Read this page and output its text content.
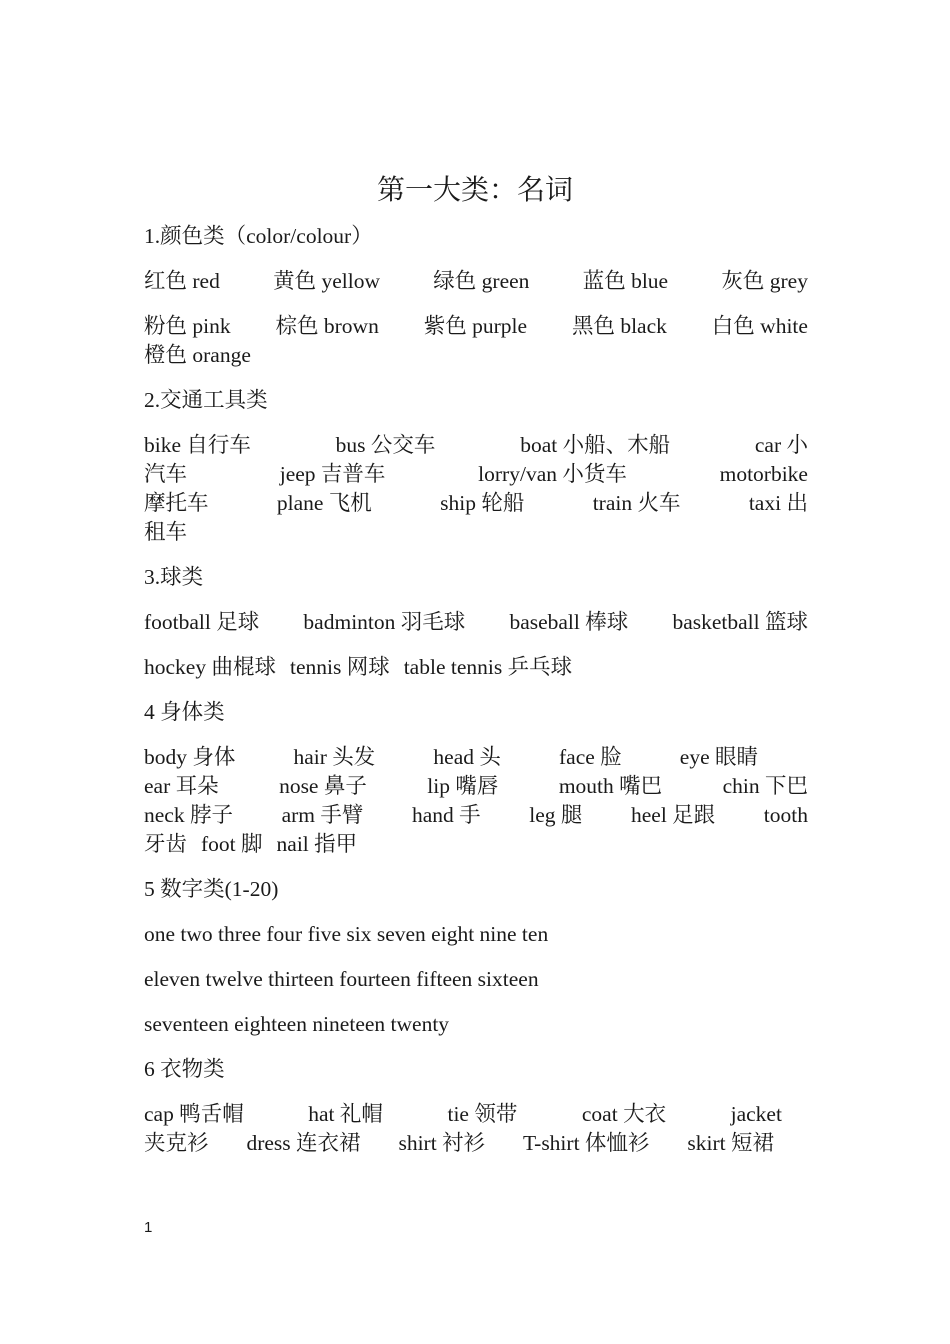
第一大类：名词
1.颜色类（color/colour）
红色 red 黄色 yellow 绿色 green 蓝色 blue 灰色 grey
粉色 pink 棕色 brown 紫色 purple 黑色 black 白色 white
橙色 orange
2.交通工具类
bike 自行车	bus 公交车	boat 小船、木船	car 小
汽车	jeep 吉普车	lorry/van 小货车	motorbike
摩托车	plane 飞机	ship 轮船	train 火车	taxi 出
租车
3.球类
football 足球 badminton 羽毛球 baseball 棒球 basketball 篮球
hockey 曲棍球 tennis 网球 table tennis 乒乓球
4 身体类
body 身体	hair 头发	head 头	face 脸	eye 眼睛
ear 耳朵	nose 鼻子	lip 嘴唇	mouth 嘴巴	chin 下巴
neck 脖子 arm 手臂 hand 手 leg 腿 heel 足跟 tooth
牙齿 foot 脚 nail 指甲
5 数字类(1-20)
one two three four five six seven eight nine ten
eleven twelve thirteen fourteen fifteen sixteen
seventeen eighteen nineteen twenty
6 衣物类
cap 鸭舌帽	hat 礼帽	tie 领带	coat 大衣	jacket
夹克衫 dress 连衣裙 shirt 衬衫 T-shirt 体恤衫 skirt 短裙
1
